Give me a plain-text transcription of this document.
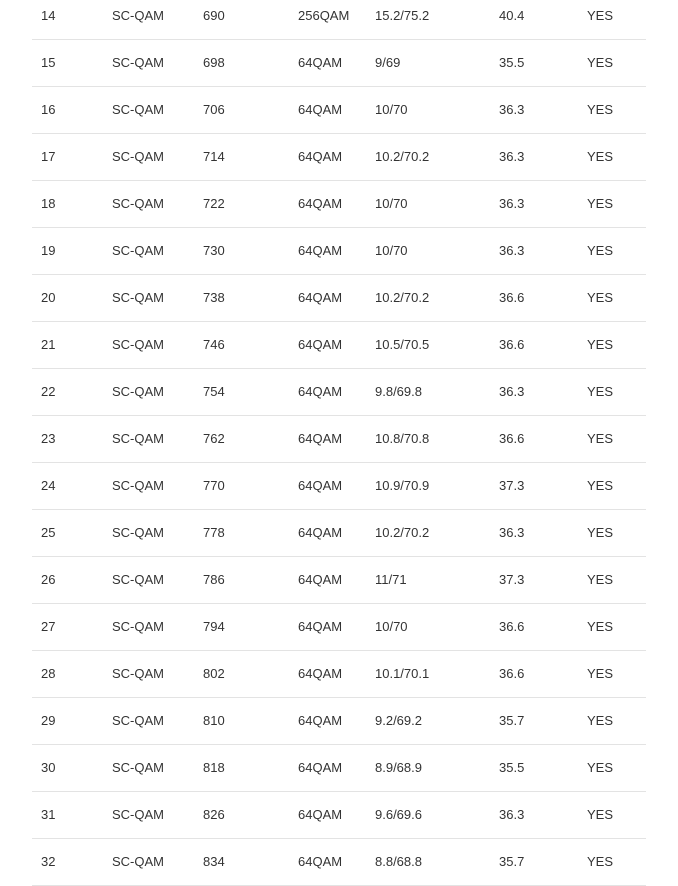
14	SC-QAM	690	256QAM 15.2/75.2	40.4	YES
15	SC-QAM	698	64QAM	9/69	35.5	YES
16	SC-QAM	706	64QAM	10/70	36.3	YES
17	SC-QAM	714	64QAM	10.2/70.2	36.3	YES
18	SC-QAM	722	64QAM	10/70	36.3	YES
19	SC-QAM	730	64QAM	10/70	36.3	YES
20	SC-QAM	738	64QAM	10.2/70.2	36.6	YES
21	SC-QAM	746	64QAM	10.5/70.5	36.6	YES
22	SC-QAM	754	64QAM	9.8/69.8	36.3	YES
23	SC-QAM	762	64QAM	10.8/70.8	36.6	YES
24	SC-QAM	770	64QAM	10.9/70.9	37.3	YES
25	SC-QAM	778	64QAM	10.2/70.2	36.3	YES
26	SC-QAM	786	64QAM	11/71	37.3	YES
27	SC-QAM	794	64QAM	10/70	36.6	YES
28	SC-QAM	802	64QAM	10.1/70.1	36.6	YES
29	SC-QAM	810	64QAM	9.2/69.2	35.7	YES
30	SC-QAM	818	64QAM	8.9/68.9	35.5	YES
31	SC-QAM	826	64QAM	9.6/69.6	36.3	YES
32	SC-QAM	834	64QAM	8.8/68.8	35.7	YES
